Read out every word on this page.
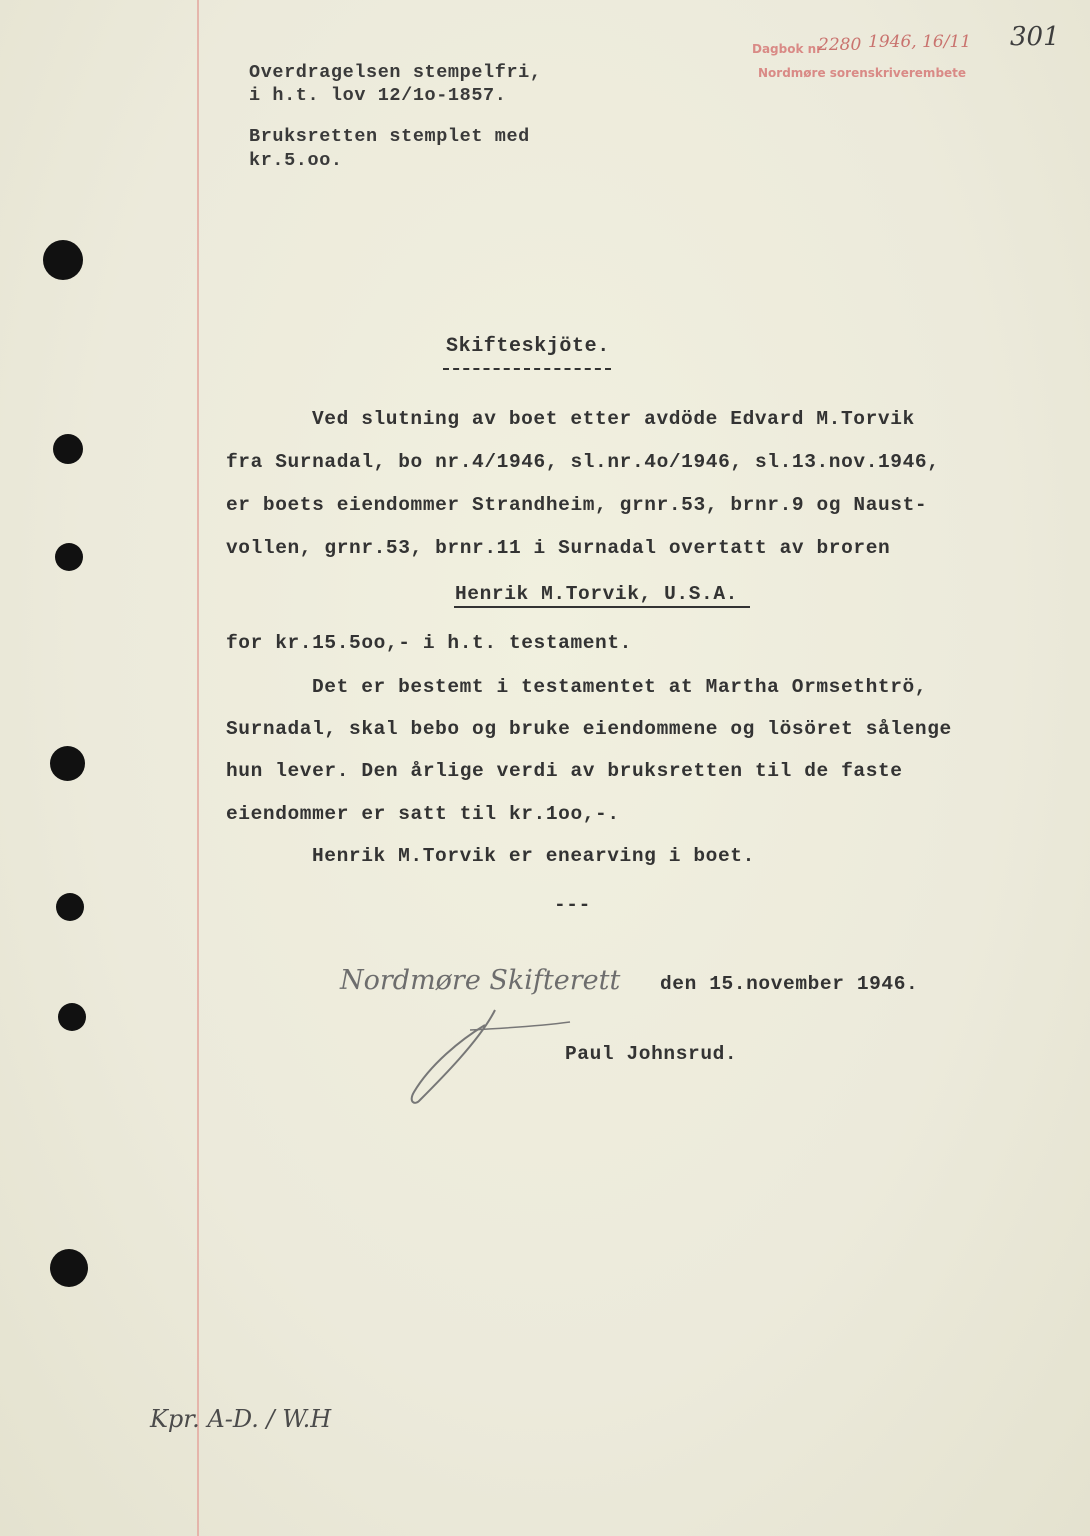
Dagbok nr
2280 1946, 16/11 301
Nordmøre sorenskriverembete
Overdragelsen stempelfri,
i h.t. lov 12/1o-1857.
Bruksretten stemplet med
kr.5.oo.
Skifteskjöte.
Ved slutning av boet etter avdöde Edvard M.Torvik
fra Surnadal, bo nr.4/1946, sl.nr.4o/1946, sl.13.nov.1946,
er boets eiendommer Strandheim, grnr.53, brnr.9 og Naust-
vollen, grnr.53, brnr.11 i Surnadal overtatt av broren
Henrik M.Torvik, U.S.A.
for kr.15.5oo,- i h.t. testament.
Det er bestemt i testamentet at Martha Ormsethtrö,
Surnadal, skal bebo og bruke eiendommene og lösöret sålenge
hun lever. Den årlige verdi av bruksretten til de faste
eiendommer er satt til kr.1oo,-.
Henrik M.Torvik er enearving i boet.
---
Nordmøre Skifterett den 15.november 1946.
Paul Johnsrud.
Kpr. A-D. / W.H
